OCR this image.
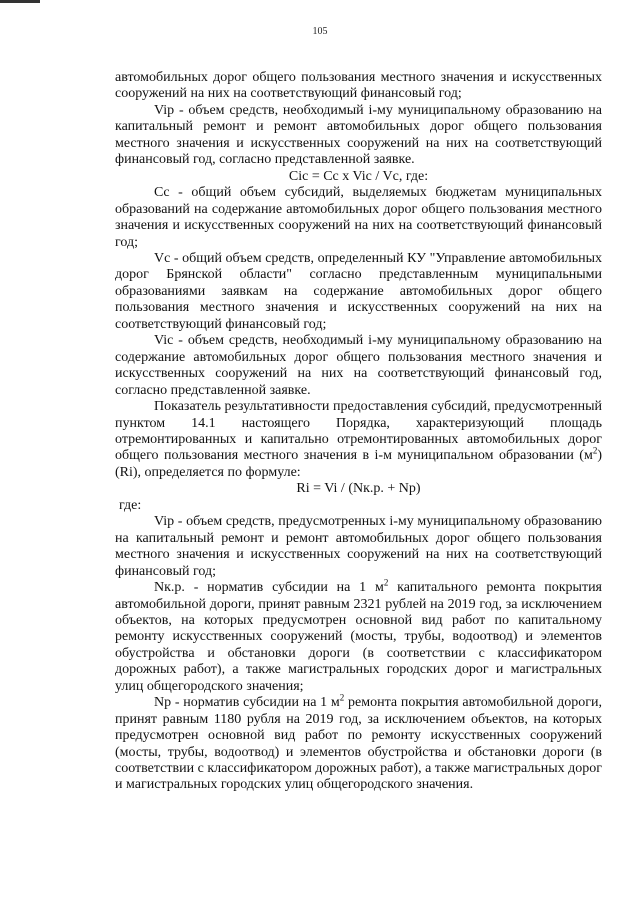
105

автомобильных дорог общего пользования местного значения и искусственных сооружений на них на соответствующий финансовый год;

Vip - объем средств, необходимый i-му муниципальному образованию на капитальный ремонт и ремонт автомобильных дорог общего пользования местного значения и искусственных сооружений на них на соответствующий финансовый год, согласно представленной заявке.

Cic = Cc x Vic / Vc, где:

Cc - общий объем субсидий, выделяемых бюджетам муниципальных образований на содержание автомобильных дорог общего пользования местного значения и искусственных сооружений на них на соответствующий финансовый год;

Vc - общий объем средств, определенный КУ "Управление автомобильных дорог Брянской области" согласно представленным муниципальными образованиями заявкам на содержание автомобильных дорог общего пользования местного значения и искусственных сооружений на них на соответствующий финансовый год;

Vic - объем средств, необходимый i-му муниципальному образованию на содержание автомобильных дорог общего пользования местного значения и искусственных сооружений на них на соответствующий финансовый год, согласно представленной заявке.

Показатель результативности предоставления субсидий, предусмотренный пунктом 14.1 настоящего Порядка, характеризующий площадь отремонтированных и капитально отремонтированных автомобильных дорог общего пользования местного значения в i-м муниципальном образовании $(м^2)$ (Ri), определяется по формуле:

Ri = Vi / (Nк.р. + Nр)

где:

Vip - объем средств, предусмотренных i-му муниципальному образованию на капитальный ремонт и ремонт автомобильных дорог общего пользования местного значения и искусственных сооружений на них на соответствующий финансовый год;

Nк.р. - норматив субсидии на 1 $м^2$ капитального ремонта покрытия автомобильной дороги, принят равным 2321 рублей на 2019 год, за исключением объектов, на которых предусмотрен основной вид работ по капитальному ремонту искусственных сооружений (мосты, трубы, водоотвод) и элементов обустройства и обстановки дороги (в соответствии с классификатором дорожных работ), а также магистральных городских дорог и магистральных улиц общегородского значения;

Nр - норматив субсидии на 1 $м^2$ ремонта покрытия автомобильной дороги, принят равным 1180 рубля на 2019 год, за исключением объектов, на которых предусмотрен основной вид работ по ремонту искусственных сооружений (мосты, трубы, водоотвод) и элементов обустройства и обстановки дороги (в соответствии с классификатором дорожных работ), а также магистральных дорог и магистральных городских улиц общегородского значения.
